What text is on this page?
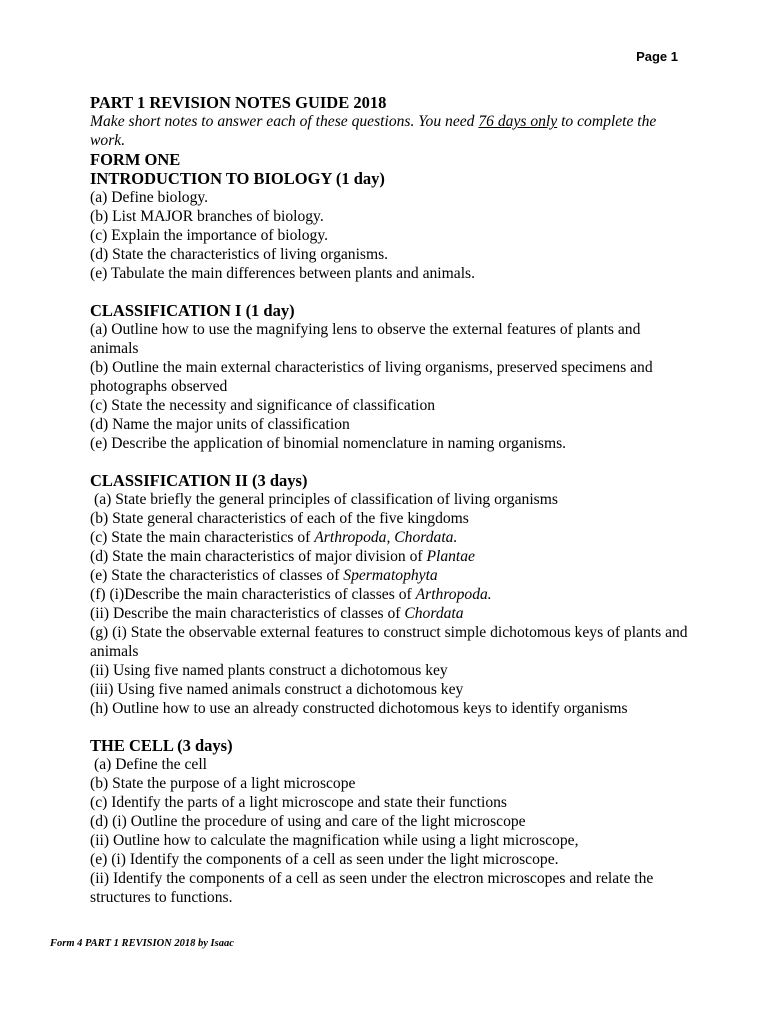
Page 1
PART 1 REVISION NOTES GUIDE 2018
Make short notes to answer each of these questions. You need 76 days only to complete the work.
FORM ONE
INTRODUCTION TO BIOLOGY (1 day)
(a) Define biology.
(b) List MAJOR branches of biology.
(c) Explain the importance of biology.
(d) State the characteristics of living organisms.
(e) Tabulate the main differences between plants and animals.
CLASSIFICATION I (1 day)
(a) Outline how to use the magnifying lens to observe the external features of plants and animals
(b) Outline the main external characteristics of living organisms, preserved specimens and photographs observed
(c) State the necessity and significance of classification
(d) Name the major units of classification
(e) Describe the application of binomial nomenclature in naming organisms.
CLASSIFICATION II (3 days)
(a) State briefly the general principles of classification of living organisms
(b) State general characteristics of each of the five kingdoms
(c) State the main characteristics of Arthropoda, Chordata.
(d) State the main characteristics of major division of Plantae
(e) State the characteristics of classes of Spermatophyta
(f) (i)Describe the main characteristics of classes of Arthropoda.
(ii) Describe the main characteristics of classes of Chordata
(g) (i) State the observable external features to construct simple dichotomous keys of plants and animals
(ii) Using five named plants construct a dichotomous key
(iii) Using five named animals construct a dichotomous key
(h) Outline how to use an already constructed dichotomous keys to identify organisms
THE CELL (3 days)
(a) Define the cell
(b) State the purpose of a light microscope
(c) Identify the parts of a light microscope and state their functions
(d) (i) Outline the procedure of using and care of the light microscope
(ii) Outline how to calculate the magnification while using a light microscope,
(e) (i) Identify the components of a cell as seen under the light microscope.
(ii) Identify the components of a cell as seen under the electron microscopes and relate the structures to functions.
Form 4 PART 1 REVISION 2018 by Isaac
